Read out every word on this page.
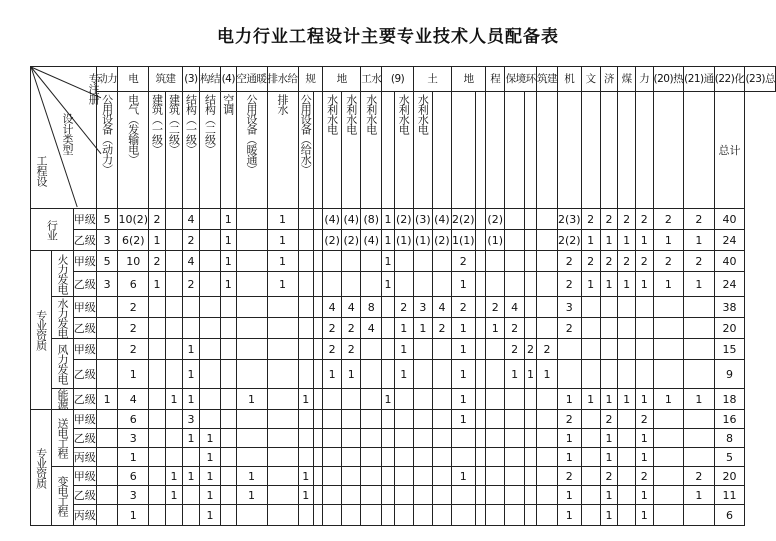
电力行业工程设计主要专业技术人员配备表
专注册
设计类型
工程设			动力	电	筑建		(3)	构结	(4)	空通暖	排水给	规		地		工水	(9)		土		地		程	保境环		筑建	机	文	济	煤	力	(20)热	(21)通	(22)化	(23)总

			公用设备（动力）	电气（发输电）	建筑（一级）	建筑（二级）	结构（一级）	结构（二级）	空调	公用设备（暖通）	排水	公用设备（给水）		水利水电	水利水电	水利水电		水利水电	水利水电															总计	

行业		甲级	5	10(2)	2		4		1		1			(4)	(4)	(8)	1	(2)	(3)	(4)	2(2)		(2)				2(3)	2	2	2	2	2	2	40	
		乙级	3	6(2)	1		2		1		1			(2)	(2)	(4)	1	(1)	(1)	(2)	1(1)		(1)				2(2)	1	1	1	1	1	1	24	

专业资质	火力发电	甲级	5	10	2		4		1		1						1				2						2	2	2	2	2	2	2	40	
		乙级	3	6	1		2		1		1						1				1						2	1	1	1	1	1	1	24	

	水力发电	甲级		2										4	4	8		2	3	4	2		2	4			3							38	
		乙级		2										2	2	4		1	1	2	1		1	2			2							20	

	风力发电	甲级		2			1							2	2			1			1			2	2	2								15	
		乙级		1			1							1	1			1			1			1	1	1								9	

	能源	乙级	1	4		1	1			1		1					1				1						1	1	1	1	1	1	1	18	

专业资质	送电工程	甲级		6			3														1						2		2		2			16	
		乙级		3			1	1																			1		1		1			8	
		丙级		1				1																			1		1		1			5	

	变电工程	甲级		6		1	1	1		1		1									1						2		2		2		2	20	
		乙级		3		1		1		1		1															1		1		1		1	11	
		丙级		1				1																			1		1		1			6	
